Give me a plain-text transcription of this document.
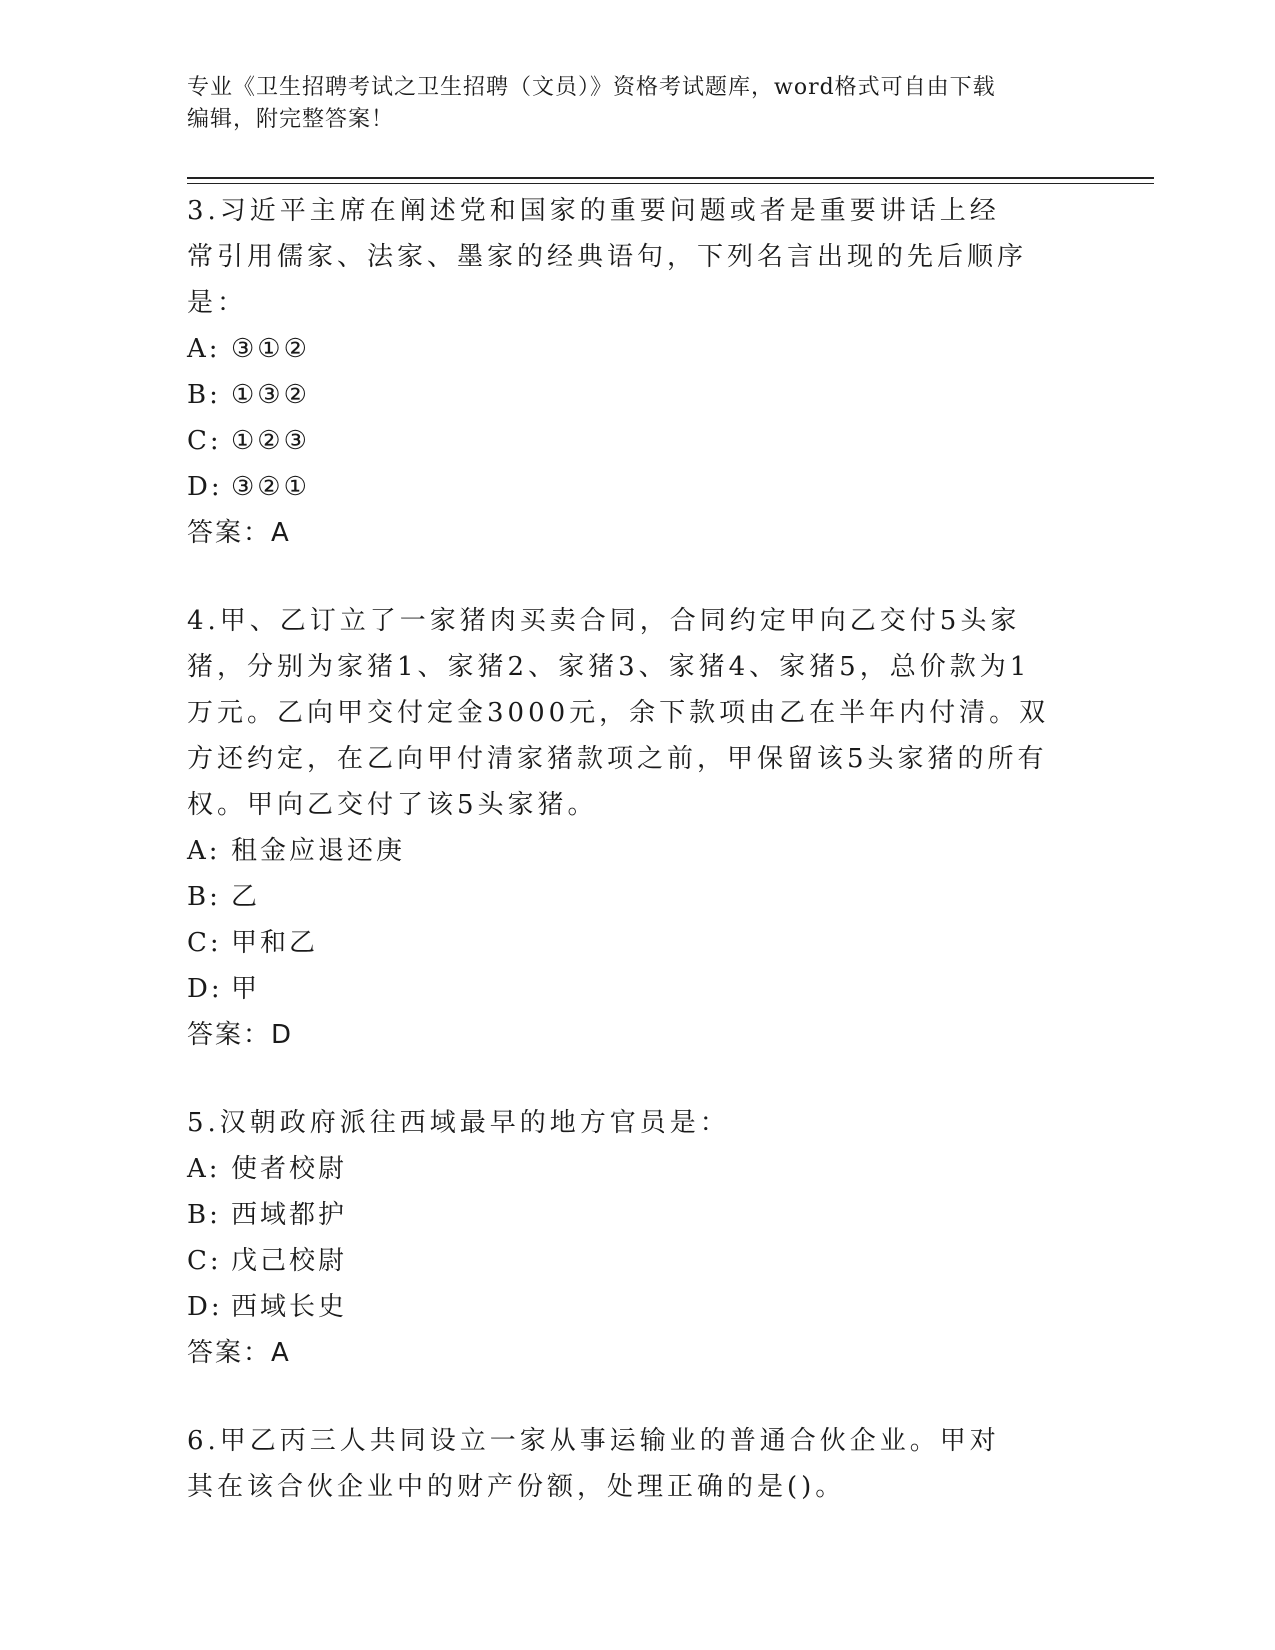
专业《卫生招聘考试之卫生招聘（文员）》资格考试题库，word格式可自由下载
编辑，附完整答案！
3.习近平主席在阐述党和国家的重要问题或者是重要讲话上经常引用儒家、法家、墨家的经典语句，下列名言出现的先后顺序是：
A: ③①②
B: ①③②
C: ①②③
D: ③②①
答案：A
4.甲、乙订立了一家猪肉买卖合同，合同约定甲向乙交付5头家猪，分别为家猪1、家猪2、家猪3、家猪4、家猪5，总价款为1万元。乙向甲交付定金3000元，余下款项由乙在半年内付清。双方还约定，在乙向甲付清家猪款项之前，甲保留该5头家猪的所有权。甲向乙交付了该5头家猪。
A: 租金应退还庚
B: 乙
C: 甲和乙
D: 甲
答案：D
5.汉朝政府派往西域最早的地方官员是：
A: 使者校尉
B: 西域都护
C: 戊己校尉
D: 西域长史
答案：A
6.甲乙丙三人共同设立一家从事运输业的普通合伙企业。甲对其在该合伙企业中的财产份额，处理正确的是()。
